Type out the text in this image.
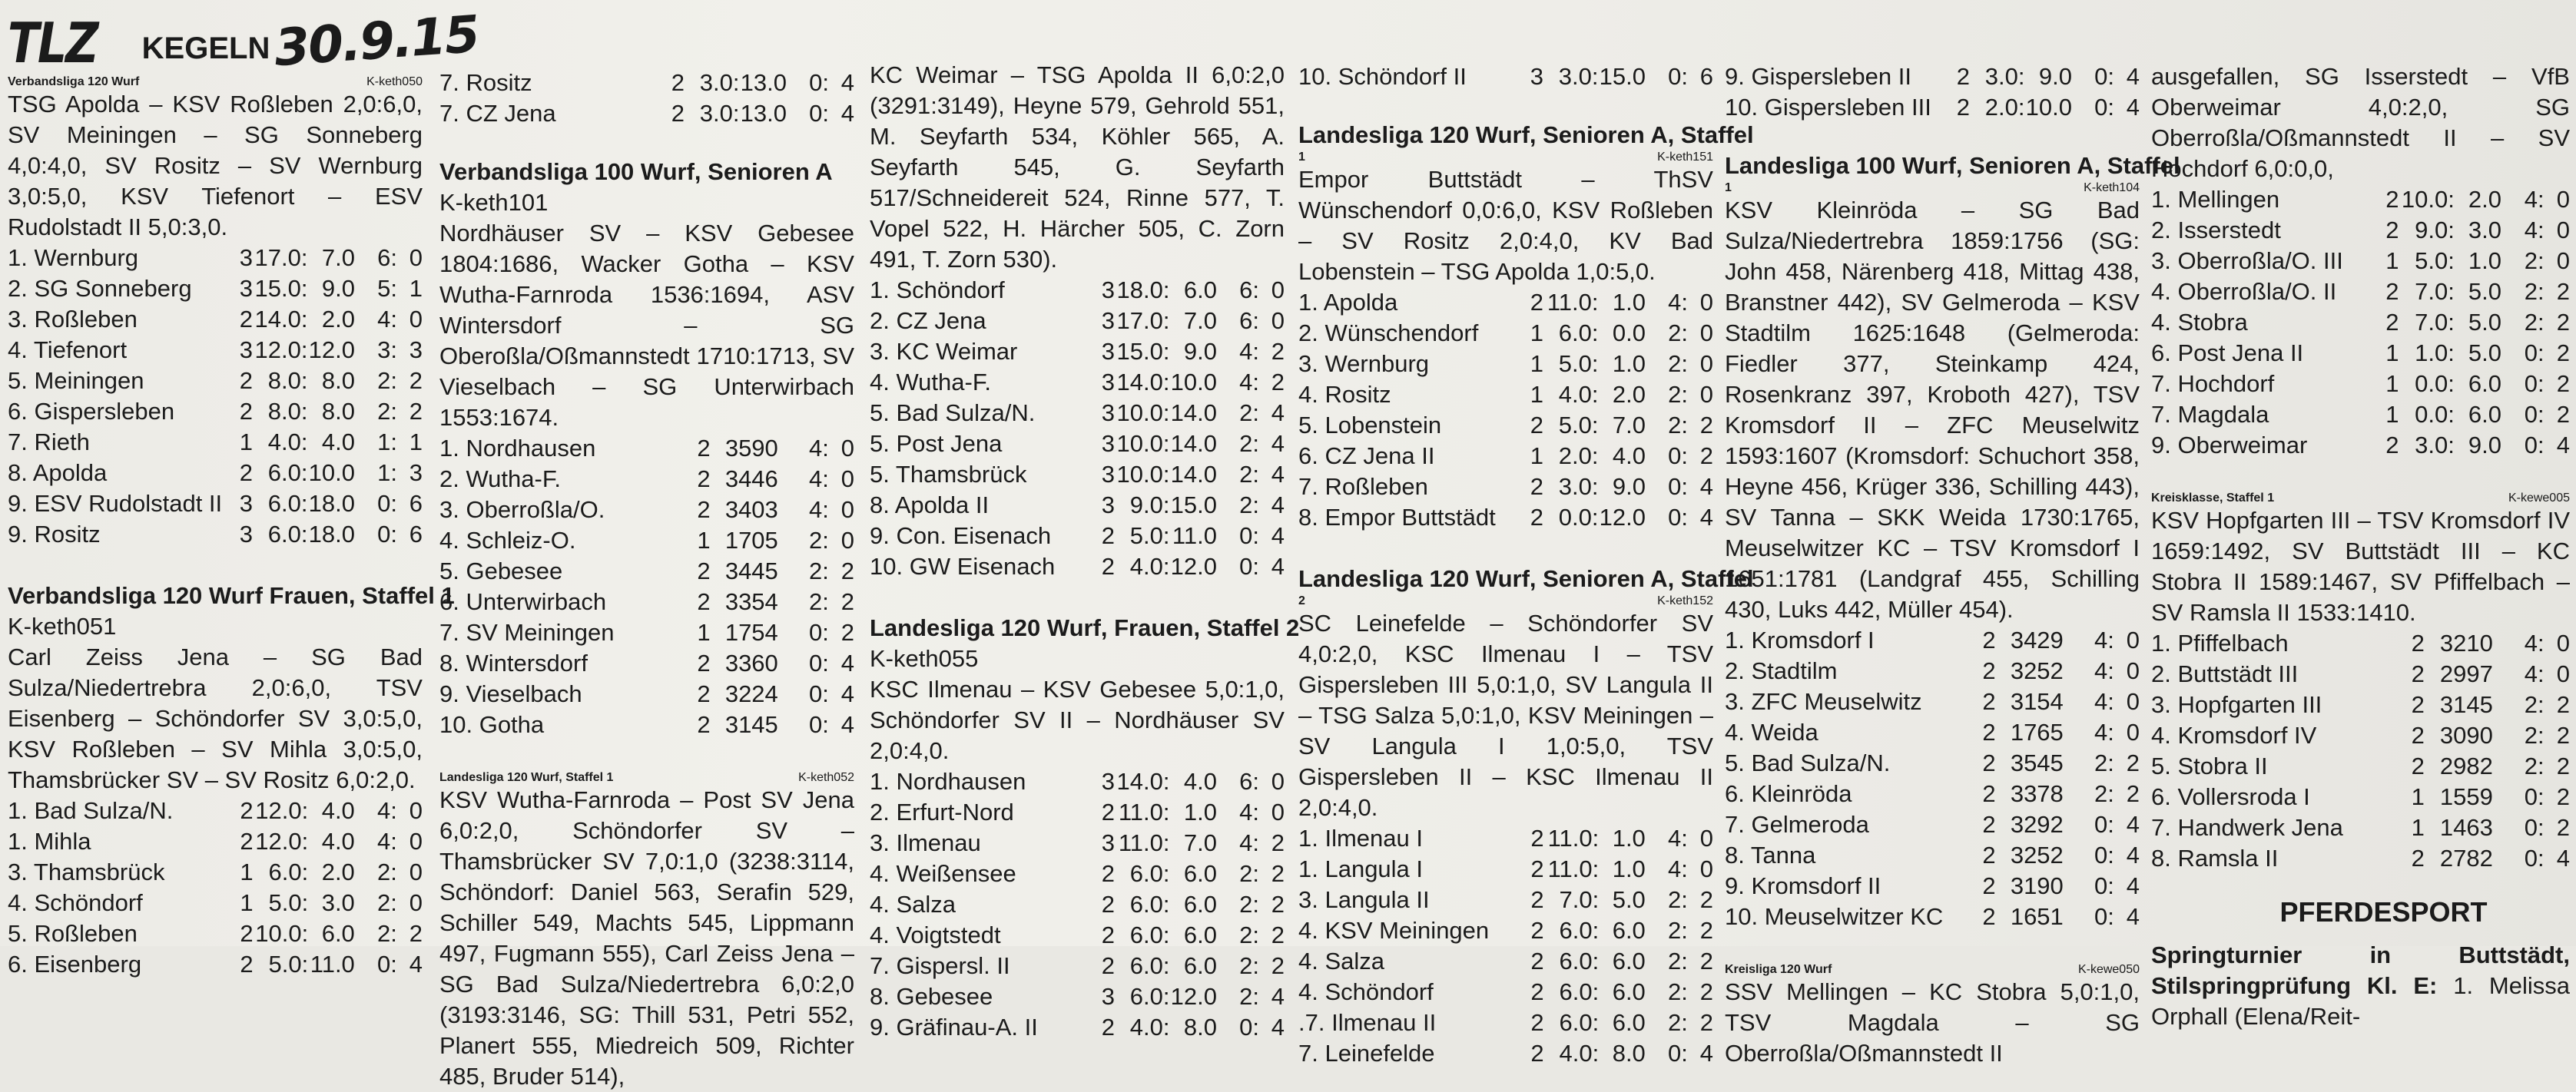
TLZ KEGELN 30.9.15
Verbandsliga 120 Wurf	K-keth050
TSG Apolda – KSV Roßleben 2,0:6,0, SV Meiningen – SG Sonneberg 4,0:4,0, SV Rositz – SV Wernburg 3,0:5,0, KSV Tiefenort – ESV Rudolstadt II 5,0:3,0.
1. Wernburg	3	17.0:	7.0	6:	0
2. SG Sonneberg	3	15.0:	9.0	5:	1
3. Roßleben	2	14.0:	2.0	4:	0
4. Tiefenort	3	12.0:	12.0	3:	3
5. Meiningen	2	8.0:	8.0	2:	2
6. Gispersleben	2	8.0:	8.0	2:	2
7. Rieth	1	4.0:	4.0	1:	1
8. Apolda	2	6.0:	10.0	1:	3
9. ESV Rudolstadt II	3	6.0:	18.0	0:	6
9. Rositz	3	6.0:	18.0	0:	6
Verbandsliga 120 Wurf Frauen, Staffel 1
K-keth051
Carl Zeiss Jena – SG Bad Sulza/Niedertrebra 2,0:6,0, TSV Eisenberg – Schöndorfer SV 3,0:5,0, KSV Roßleben – SV Mihla 3,0:5,0, Thamsbrücker SV – SV Rositz 6,0:2,0.
1. Bad Sulza/N.	2	12.0:	4.0	4:	0
1. Mihla	2	12.0:	4.0	4:	0
3. Thamsbrück	1	6.0:	2.0	2:	0
4. Schöndorf	1	5.0:	3.0	2:	0
5. Roßleben	2	10.0:	6.0	2:	2
6. Eisenberg	2	5.0:	11.0	0:	4
7. Rositz	2	3.0:	13.0	0:	4
7. CZ Jena	2	3.0:	13.0	0:	4
Verbandsliga 100 Wurf, Senioren A
K-keth101
Nordhäuser SV – KSV Gebesee 1804:1686, Wacker Gotha – KSV Wutha-Farnroda 1536:1694, ASV Wintersdorf – SG Oberoßla/Oßmannstedt 1710:1713, SV Vieselbach – SG Unterwirbach 1553:1674.
1. Nordhausen	2	3590	4:	0
2. Wutha-F.	2	3446	4:	0
3. Oberroßla/O.	2	3403	4:	0
4. Schleiz-O.	1	1705	2:	0
5. Gebesee	2	3445	2:	2
6. Unterwirbach	2	3354	2:	2
7. SV Meiningen	1	1754	0:	2
8. Wintersdorf	2	3360	0:	4
9. Vieselbach	2	3224	0:	4
10. Gotha	2	3145	0:	4
Landesliga 120 Wurf, Staffel 1	K-keth052
KSV Wutha-Farnroda – Post SV Jena 6,0:2,0, Schöndorfer SV – Thamsbrücker SV 7,0:1,0 (3238:3114, Schöndorf: Daniel 563, Serafin 529, Schiller 549, Machts 545, Lippmann 497, Fugmann 555), Carl Zeiss Jena – SG Bad Sulza/Niedertrebra 6,0:2,0 (3193:3146, SG: Thill 531, Petri 552, Planert 555, Miedreich 509, Richter 485, Bruder 514),
KC Weimar – TSG Apolda II 6,0:2,0 (3291:3149), Heyne 579, Gehrold 551, M. Seyfarth 534, Köhler 565, A. Seyfarth 545, G. Seyfarth 517/Schneidereit 524, Rinne 577, T. Vopel 522, H. Härcher 505, C. Zorn 491, T. Zorn 530).
1. Schöndorf	3	18.0:	6.0	6:	0
2. CZ Jena	3	17.0:	7.0	6:	0
3. KC Weimar	3	15.0:	9.0	4:	2
4. Wutha-F.	3	14.0:	10.0	4:	2
5. Bad Sulza/N.	3	10.0:	14.0	2:	4
5. Post Jena	3	10.0:	14.0	2:	4
5. Thamsbrück	3	10.0:	14.0	2:	4
8. Apolda II	3	9.0:	15.0	2:	4
9. Con. Eisenach	2	5.0:	11.0	0:	4
10. GW Eisenach	2	4.0:	12.0	0:	4
Landesliga 120 Wurf, Frauen, Staffel 2
K-keth055
KSC Ilmenau – KSV Gebesee 5,0:1,0, Schöndorfer SV II – Nordhäuser SV 2,0:4,0.
1. Nordhausen	3	14.0:	4.0	6:	0
2. Erfurt-Nord	2	11.0:	1.0	4:	0
3. Ilmenau	3	11.0:	7.0	4:	2
4. Weißensee	2	6.0:	6.0	2:	2
4. Salza	2	6.0:	6.0	2:	2
4. Voigtstedt	2	6.0:	6.0	2:	2
7. Gispersl. II	2	6.0:	6.0	2:	2
8. Gebesee	3	6.0:	12.0	2:	4
9. Gräfinau-A. II	2	4.0:	8.0	0:	4
10. Schöndorf II	3	3.0:	15.0	0:	6
Landesliga 120 Wurf, Senioren A, Staffel
1	K-keth151
Empor Buttstädt – ThSV Wünschendorf 0,0:6,0, KSV Roßleben – SV Rositz 2,0:4,0, KV Bad Lobenstein – TSG Apolda 1,0:5,0.
1. Apolda	2	11.0:	1.0	4:	0
2. Wünschendorf	1	6.0:	0.0	2:	0
3. Wernburg	1	5.0:	1.0	2:	0
4. Rositz	1	4.0:	2.0	2:	0
5. Lobenstein	2	5.0:	7.0	2:	2
6. CZ Jena II	1	2.0:	4.0	0:	2
7. Roßleben	2	3.0:	9.0	0:	4
8. Empor Buttstädt	2	0.0:	12.0	0:	4
Landesliga 120 Wurf, Senioren A, Staffel
2	K-keth152
SC Leinefelde – Schöndorfer SV 4,0:2,0, KSC Ilmenau I – TSV Gispersleben III 5,0:1,0, SV Langula II – TSG Salza 5,0:1,0, KSV Meiningen – SV Langula I 1,0:5,0, TSV Gispersleben II – KSC Ilmenau II 2,0:4,0.
1. Ilmenau I	2	11.0:	1.0	4:	0
1. Langula I	2	11.0:	1.0	4:	0
3. Langula II	2	7.0:	5.0	2:	2
4. KSV Meiningen	2	6.0:	6.0	2:	2
4. Salza	2	6.0:	6.0	2:	2
4. Schöndorf	2	6.0:	6.0	2:	2
.7. Ilmenau II	2	6.0:	6.0	2:	2
7. Leinefelde	2	4.0:	8.0	0:	4
9. Gispersleben II	2	3.0:	9.0	0:	4
10. Gispersleben III	2	2.0:	10.0	0:	4
Landesliga 100 Wurf, Senioren A, Staffel
1	K-keth104
KSV Kleinröda – SG Bad Sulza/Niedertrebra 1859:1756 (SG: John 458, Närenberg 418, Mittag 438, Branstner 442), SV Gelmeroda – KSV Stadtilm 1625:1648 (Gelmeroda: Fiedler 377, Steinkamp 424, Rosenkranz 397, Kroboth 427), TSV Kromsdorf II – ZFC Meuselwitz 1593:1607 (Kromsdorf: Schuchort 358, Heyne 456, Krüger 336, Schilling 443), SV Tanna – SKK Weida 1730:1765, Meuselwitzer KC – TSV Kromsdorf I 1651:1781 (Landgraf 455, Schilling 430, Luks 442, Müller 454).
1. Kromsdorf I	2	3429	4:	0
2. Stadtilm	2	3252	4:	0
3. ZFC Meuselwitz	2	3154	4:	0
4. Weida	2	1765	4:	0
5. Bad Sulza/N.	2	3545	2:	2
6. Kleinröda	2	3378	2:	2
7. Gelmeroda	2	3292	0:	4
8. Tanna	2	3252	0:	4
9. Kromsdorf II	2	3190	0:	4
10. Meuselwitzer KC	2	1651	0:	4
Kreisliga 120 Wurf	K-kewe050
SSV Mellingen – KC Stobra 5,0:1,0, TSV Magdala – SG Oberroßla/Oßmannstedt II
ausgefallen, SG Isserstedt – VfB Oberweimar 4,0:2,0, SG Oberroßla/Oßmannstedt II – SV Hochdorf 6,0:0,0,
1. Mellingen	2	10.0:	2.0	4:	0
2. Isserstedt	2	9.0:	3.0	4:	0
3. Oberroßla/O. III	1	5.0:	1.0	2:	0
4. Oberroßla/O. II	2	7.0:	5.0	2:	2
4. Stobra	2	7.0:	5.0	2:	2
6. Post Jena II	1	1.0:	5.0	0:	2
7. Hochdorf	1	0.0:	6.0	0:	2
7. Magdala	1	0.0:	6.0	0:	2
9. Oberweimar	2	3.0:	9.0	0:	4
Kreisklasse, Staffel 1	K-kewe005
KSV Hopfgarten III – TSV Kromsdorf IV 1659:1492, SV Buttstädt III – KC Stobra II 1589:1467, SV Pfiffelbach – SV Ramsla II 1533:1410.
1. Pfiffelbach	2	3210	4:	0
2. Buttstädt III	2	2997	4:	0
3. Hopfgarten III	2	3145	2:	2
4. Kromsdorf IV	2	3090	2:	2
5. Stobra II	2	2982	2:	2
6. Vollersroda I	1	1559	0:	2
7. Handwerk Jena	1	1463	0:	2
8. Ramsla II	2	2782	0:	4
PFERDESPORT
Springturnier in Buttstädt, Stilspringprüfung Kl. E: 1. Melissa Orphall (Elena/Reit-
